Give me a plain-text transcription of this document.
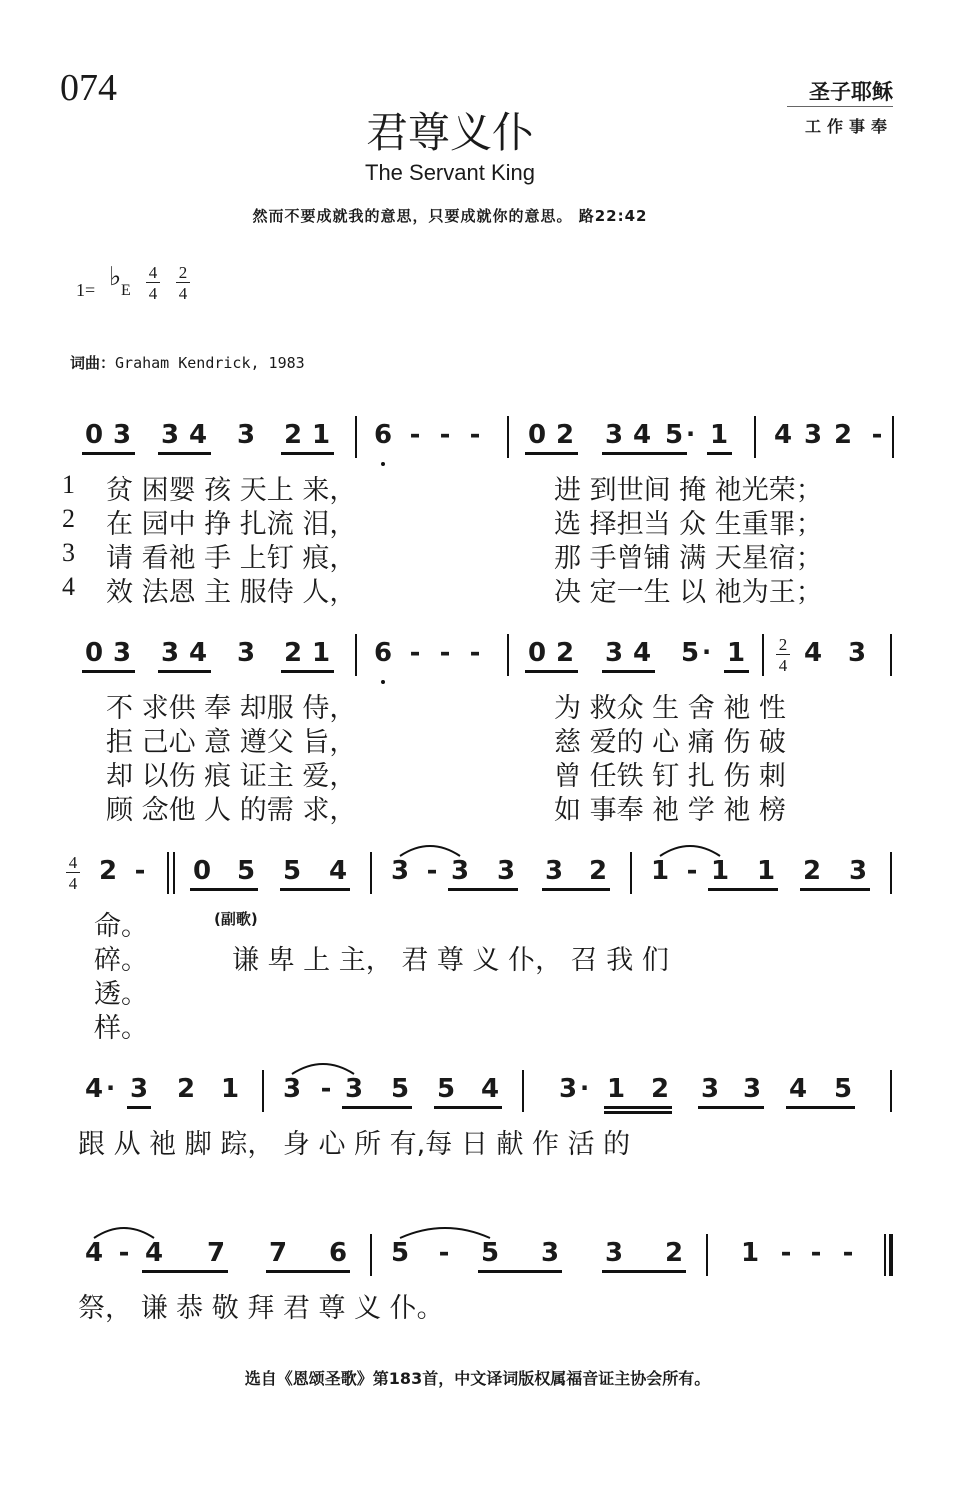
074	圣子耶稣
工作事奉
君尊义仆
The Servant King
然而不要成就我的意思，只要成就你的意思。 路22:42
1= ♭ E $\frac{4}{4} \frac{2}{4}$
词曲：Graham Kendrick, 1983
0 3 3 4 3 2 1 6 - - - 0 2 3 4 5 1 4 3 2 -
·
1 贫 困婴 孩 天上 来，	进 到世间 掩 祂光荣；
2 在 园中 挣 扎流 泪，	选 择担当 众 生重罪；
3 请 看祂 手 上钉 痕，	那 手曾铺 满 天星宿；
4 效 法恩 主 服侍 人，	决 定一生 以 祂为王；
0 3 3 4 3 2 1 6 - - - 0 2 3 4 5 1 4 3
·	$\frac{2}{4}$
不 求供 奉 却服 侍，	为 救众 生 舍 祂 性
拒 己心 意 遵父 旨，	慈 爱的 心 痛 伤 破
却 以伤 痕 证主 爱，	曾 任铁 钉 扎 伤 刺
顾 念他 人 的需 求，	如 事奉 祂 学 祂 榜
2 - 0 5 5 4 3 - 3 3 3 2 1 - 1 1 2 3
$\frac{4}{4}$
命。
碎。
透。
样。
(副歌)
谦 卑 上 主， 君 尊 义 仆， 召 我 们
4 3 2 1 3 - 3 5 5 4 3 1 2 3 3 4 5
·	·
跟 从 祂 脚 踪， 身 心 所 有,每 日 献 作 活 的
4 - 4 7 7 6 5 - 5 3 3 2 1 - - -
祭， 谦 恭 敬 拜 君 尊 义 仆。
选自《恩颂圣歌》第183首，中文译词版权属福音证主协会所有。
